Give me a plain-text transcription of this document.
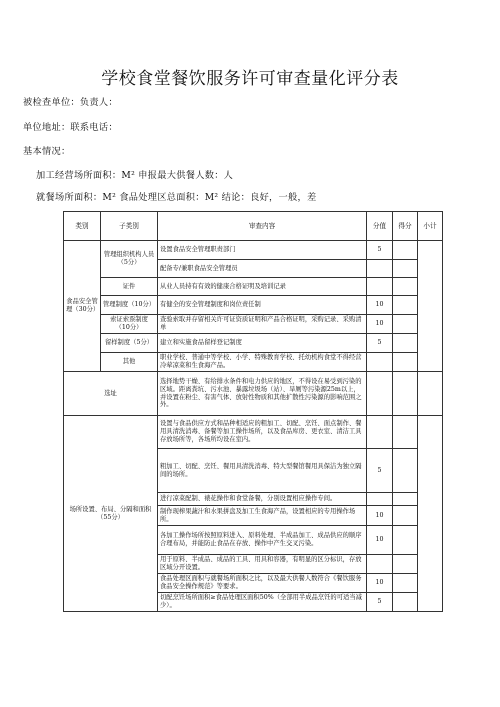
学校食堂餐饮服务许可审查量化评分表
被检查单位：负责人：
单位地址：联系电话：
基本情况：
加工经营场所面积：M² 申报最大供餐人数：人
就餐场所面积：M² 食品处理区总面积：M² 结论：良好，一般，差
类别	子类别	审查内容	分值	得分	小计
食品安全管理（30分）	管理组织机构人员（5分）	设置食品安全管理职责部门	5		
		配备专/兼职食品安全管理员			
	证件	从业人员持有有效的健康合格证明及培训记录			
	管理制度（10分）	有健全的安全管理制度和岗位责任制	10		
	索证索票制度（10分）	查验索取并存留相关许可证资质证明和产品合格证明，采购记录、采购清单	10		
	留样制度（5分）	建立和实施食品留样登记制度	5		
	其他	职业学校、普通中等学校、小学、特殊教育学校、托幼机构食堂不得经营冷荤凉菜和生食海产品。			
选址		选择地势干燥、有给排水条件和电力供应的地区，不得设在易受到污染的区域。距离粪坑、污水池、暴露垃圾场（站）、旱厕等污染源25m以上，并设置在粉尘、有害气体、放射性物质和其他扩散性污染源的影响范围之外。			
场所设置、布局、分隔和面积（55分）		设置与食品供应方式和品种相适应的粗加工、切配、烹饪、面点制作、餐用具清洗消毒、备餐等加工操作场所，以及食品库房、更衣室、清洁工具存放场所等，各场所均设在室内。			
		粗加工、切配、烹饪、餐用具清洗消毒、特大型餐馆餐用具保洁为独立隔间的场所。	5		
		进行凉菜配制、裱花操作和食堂备餐，分别设置相应操作专间。			
		制作现榨果蔬汁和水果拼盘及加工生食海产品，设置相应的专用操作场所。	10		
		各加工操作场所按照原料进入、原料处理、半成品加工、成品供应的顺序合理布局，并能防止食品在存放、操作中产生交叉污染。	10		
		用于原料、半成品、成品的工具、用具和容器，有明显的区分标识，存放区域分开设置。			
		食品处理区面积与就餐场所面积之比，以及最大供餐人数符合《餐饮服务食品安全操作规范》等要求。	10		
		切配烹饪场所面积≥食品处理区面积50%（全部用半成品烹饪的可适当减少）。	5		
